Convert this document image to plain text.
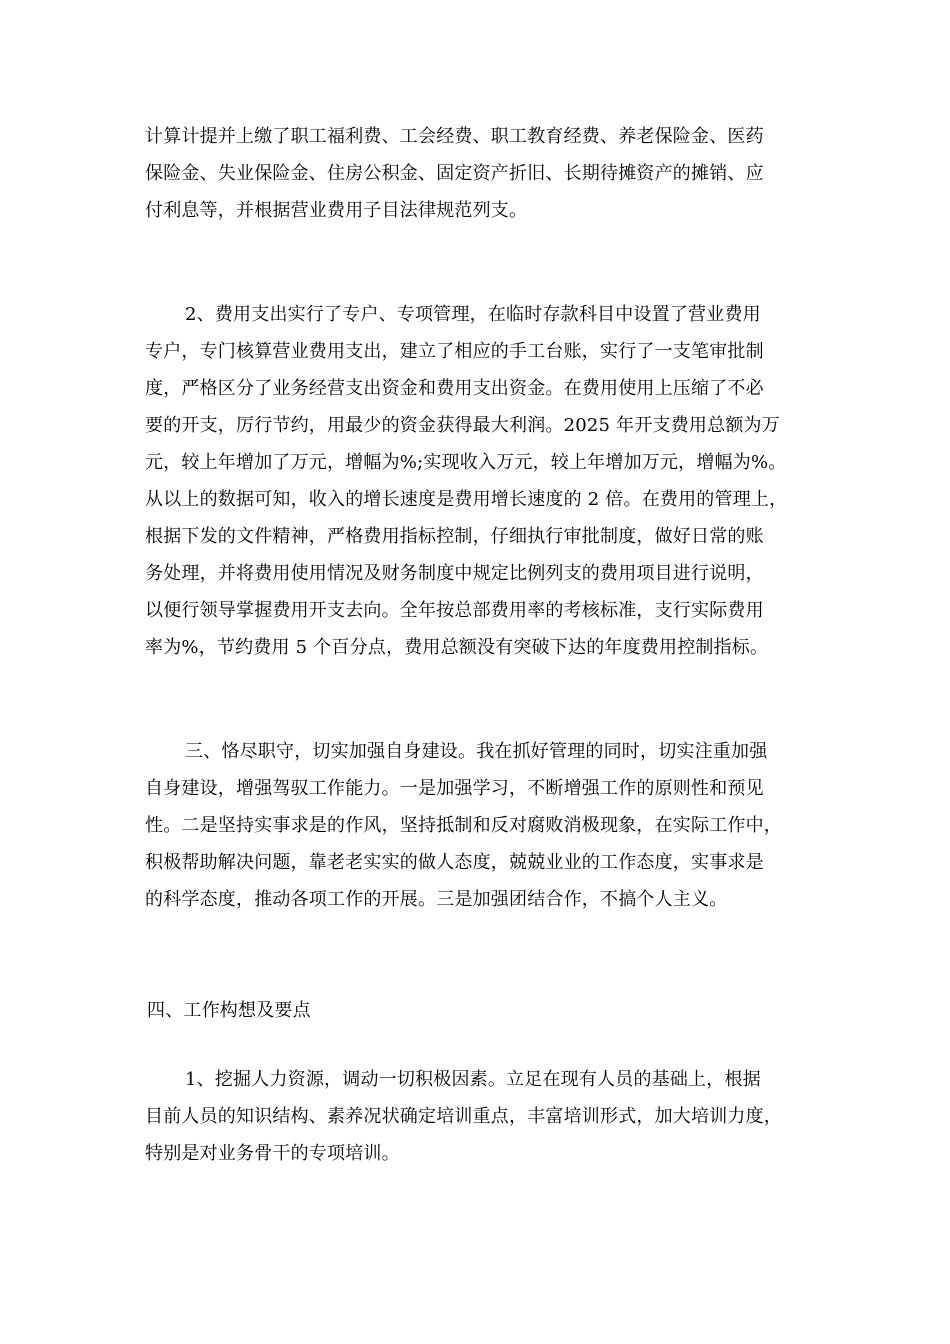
计算计提并上缴了职工福利费、工会经费、职工教育经费、养老保险金、医药
保险金、失业保险金、住房公积金、固定资产折旧、长期待摊资产的摊销、应
付利息等，并根据营业费用子目法律规范列支。
2、费用支出实行了专户、专项管理，在临时存款科目中设置了营业费用
专户，专门核算营业费用支出，建立了相应的手工台账，实行了一支笔审批制
度，严格区分了业务经营支出资金和费用支出资金。在费用使用上压缩了不必
要的开支，厉行节约，用最少的资金获得最大利润。2025 年开支费用总额为万
元，较上年增加了万元，增幅为%;实现收入万元，较上年增加万元，增幅为%。
从以上的数据可知，收入的增长速度是费用增长速度的 2 倍。在费用的管理上，
根据下发的文件精神，严格费用指标控制，仔细执行审批制度，做好日常的账
务处理，并将费用使用情况及财务制度中规定比例列支的费用项目进行说明，
以便行领导掌握费用开支去向。全年按总部费用率的考核标准，支行实际费用
率为%，节约费用 5 个百分点，费用总额没有突破下达的年度费用控制指标。
三、恪尽职守，切实加强自身建设。我在抓好管理的同时，切实注重加强
自身建设，增强驾驭工作能力。一是加强学习，不断增强工作的原则性和预见
性。二是坚持实事求是的作风，坚持抵制和反对腐败消极现象，在实际工作中，
积极帮助解决问题，靠老老实实的做人态度，兢兢业业的工作态度，实事求是
的科学态度，推动各项工作的开展。三是加强团结合作，不搞个人主义。
四、工作构想及要点
1、挖掘人力资源，调动一切积极因素。立足在现有人员的基础上，根据
目前人员的知识结构、素养况状确定培训重点，丰富培训形式，加大培训力度，
特别是对业务骨干的专项培训。
